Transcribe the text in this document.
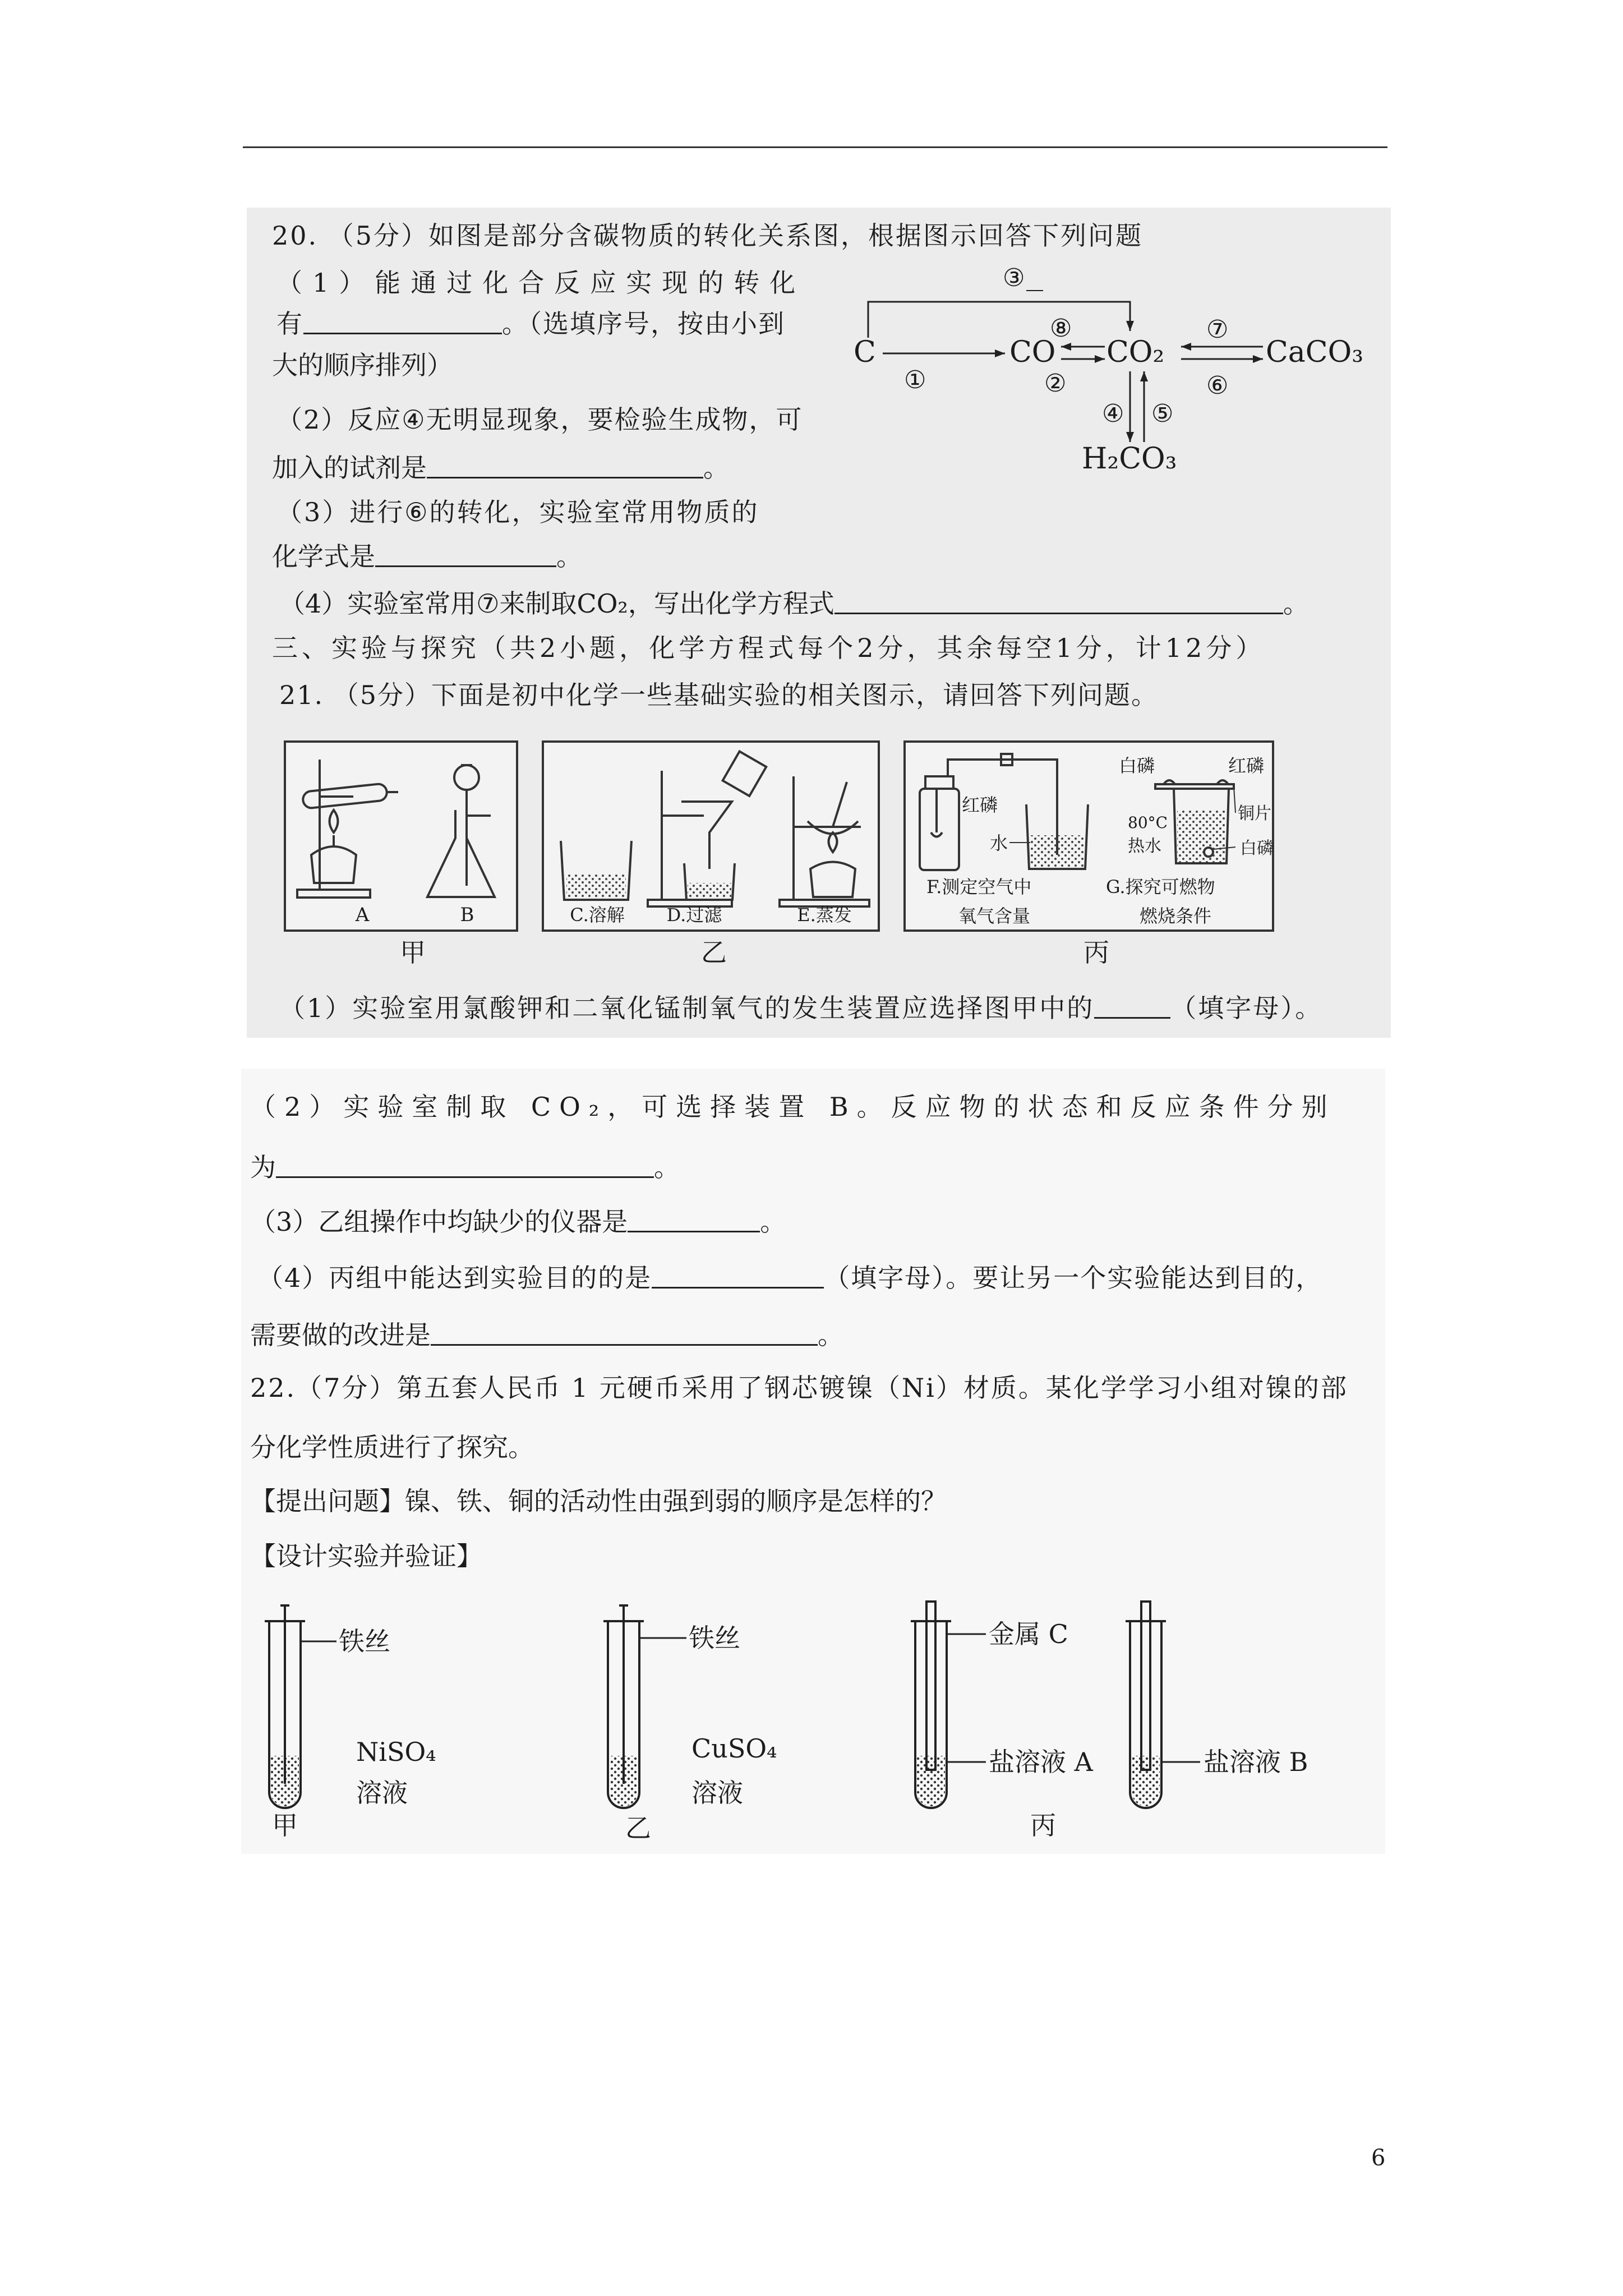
20. （5分）如图是部分含碳物质的转化关系图，根据图示回答下列问题
（1）能通过化合反应实现的转化
有	。（选填序号，按由小到
大的顺序排列）
（2）反应④无明显现象，要检验生成物，可
加入的试剂是	。
（3）进行⑥的转化，实验室常用物质的
化学式是	。
（4）实验室常用⑦来制取CO₂，写出化学方程式	。
C	CO CO₂	CaCO₃
H₂CO₃
①
⑧
②
⑦
⑥
④ ⑤
③
三、实验与探究（共2小题，化学方程式每个2分，其余每空1分，计12分）
21. （5分）下面是初中化学一些基础实验的相关图示，请回答下列问题。
A	B	C.溶解 D.过滤	E.蒸发
红磷
水
F.测定空气中
氧气含量
白磷	红磷
80°C
热水
铜片
白磷
G.探究可燃物
燃烧条件
甲	乙	丙
（1）实验室用氯酸钾和二氧化锰制氧气的发生装置应选择图甲中的	（填字母）。
（2）实验室制取 CO₂，可选择装置 B。反应物的状态和反应条件分别
为	。
（3）乙组操作中均缺少的仪器是	。
（4）丙组中能达到实验目的的是	（填字母）。要让另一个实验能达到目的，
需要做的改进是	。
22.（7分）第五套人民币 1 元硬币采用了钢芯镀镍（Ni）材质。某化学学习小组对镍的部
分化学性质进行了探究。
【提出问题】镍、铁、铜的活动性由强到弱的顺序是怎样的？
【设计实验并验证】
铁丝
NiSO₄
溶液
甲
铁丝
CuSO₄
溶液
乙
金属 C
盐溶液 A	盐溶液 B
丙
6
